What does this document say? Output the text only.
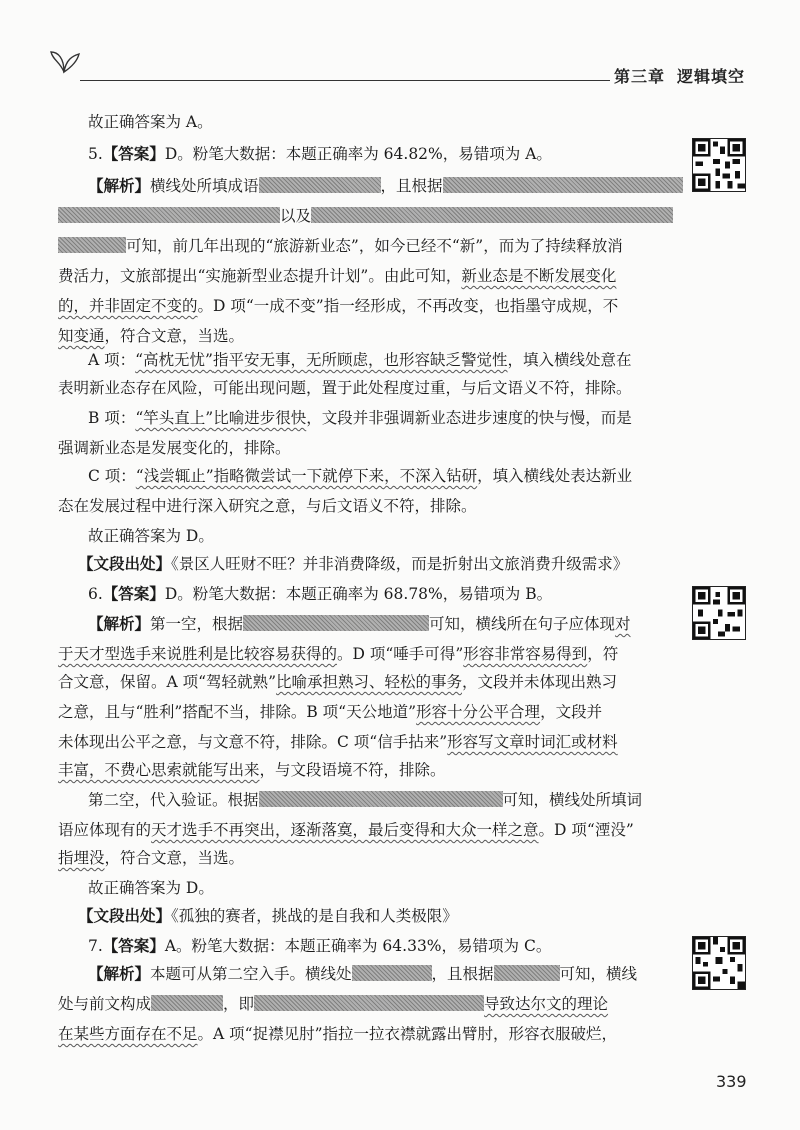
第三章 逻辑填空
故正确答案为 A。
5.【答案】D。粉笔大数据：本题正确率为 64.82%，易错项为 A。
【解析】横线处所填成语	，且根据
以及
可知，前几年出现的“旅游新业态”，如今已经不“新”，而为了持续释放消
费活力，文旅部提出“实施新型业态提升计划”。由此可知，新业态是不断发展变化
的，并非固定不变的。D 项“一成不变”指一经形成，不再改变，也指墨守成规，不
知变通，符合文意，当选。
A 项：“高枕无忧”指平安无事，无所顾虑，也形容缺乏警觉性，填入横线处意在
表明新业态存在风险，可能出现问题，置于此处程度过重，与后文语义不符，排除。
B 项：“竿头直上”比喻进步很快，文段并非强调新业态进步速度的快与慢，而是
强调新业态是发展变化的，排除。
C 项：“浅尝辄止”指略微尝试一下就停下来，不深入钻研，填入横线处表达新业
态在发展过程中进行深入研究之意，与后文语义不符，排除。
故正确答案为 D。
【文段出处】《景区人旺财不旺？并非消费降级，而是折射出文旅消费升级需求》
6.【答案】D。粉笔大数据：本题正确率为 68.78%，易错项为 B。
【解析】第一空，根据	可知，横线所在句子应体现对
于天才型选手来说胜利是比较容易获得的。D 项“唾手可得”形容非常容易得到，符
合文意，保留。A 项“驾轻就熟”比喻承担熟习、轻松的事务，文段并未体现出熟习
之意，且与“胜利”搭配不当，排除。B 项“天公地道”形容十分公平合理，文段并
未体现出公平之意，与文意不符，排除。C 项“信手拈来”形容写文章时词汇或材料
丰富，不费心思索就能写出来，与文段语境不符，排除。
第二空，代入验证。根据	可知，横线处所填词
语应体现有的天才选手不再突出，逐渐落寞，最后变得和大众一样之意。D 项“湮没”
指埋没，符合文意，当选。
故正确答案为 D。
【文段出处】《孤独的赛者，挑战的是自我和人类极限》
7.【答案】A。粉笔大数据：本题正确率为 64.33%，易错项为 C。
【解析】本题可从第二空入手。横线处	，且根据	可知，横线
处与前文构成	，即	导致达尔文的理论
在某些方面存在不足。A 项“捉襟见肘”指拉一拉衣襟就露出臂肘，形容衣服破烂，
339
